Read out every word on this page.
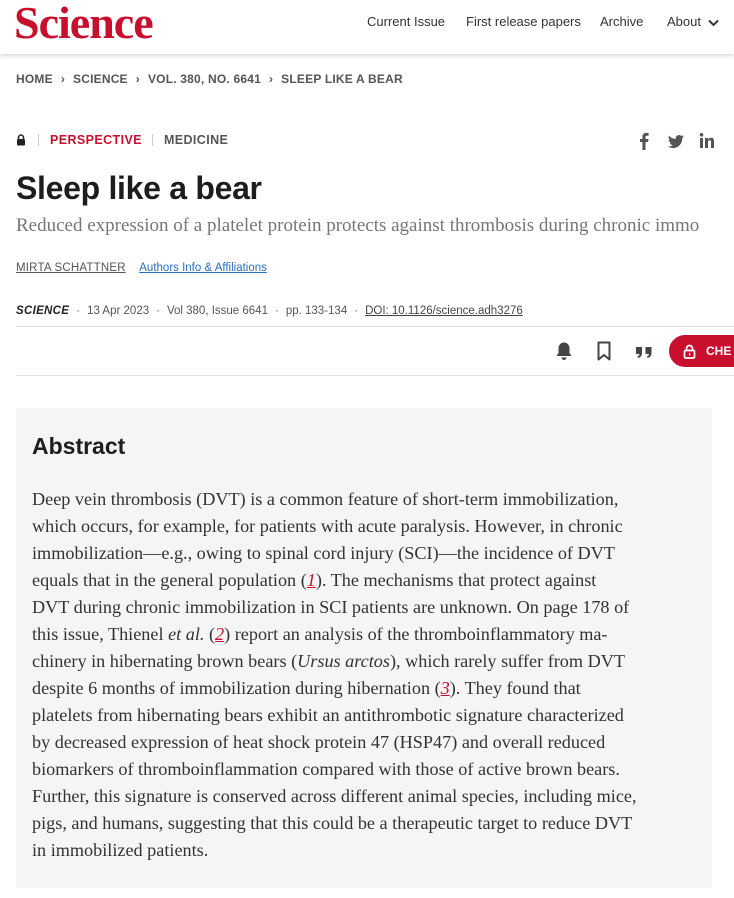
Science	Current Issue First release papers Archive About
HOME › SCIENCE › VOL. 380, NO. 6641 › SLEEP LIKE A BEAR
PERSPECTIVE MEDICINE
Sleep like a bear
Reduced expression of a platelet protein protects against thrombosis during chronic immo
MIRTA SCHATTNER Authors Info & Affiliations
SCIENCE · 13 Apr 2023 · Vol 380, Issue 6641 · pp. 133-134 · DOI: 10.1126/science.adh3276
CHE
Abstract
Deep vein thrombosis (DVT) is a common feature of short-term immobilization,
which occurs, for example, for patients with acute paralysis. However, in chronic
immobilization—e.g., owing to spinal cord injury (SCI)—the incidence of DVT
equals that in the general population (1). The mechanisms that protect against
DVT during chronic immobilization in SCI patients are unknown. On page 178 of
this issue, Thienel et al. (2) report an analysis of the thromboinflammatory ma-
chinery in hibernating brown bears (Ursus arctos), which rarely suffer from DVT
despite 6 months of immobilization during hibernation (3). They found that
platelets from hibernating bears exhibit an antithrombotic signature characterized
by decreased expression of heat shock protein 47 (HSP47) and overall reduced
biomarkers of thromboinflammation compared with those of active brown bears.
Further, this signature is conserved across different animal species, including mice,
pigs, and humans, suggesting that this could be a therapeutic target to reduce DVT
in immobilized patients.
